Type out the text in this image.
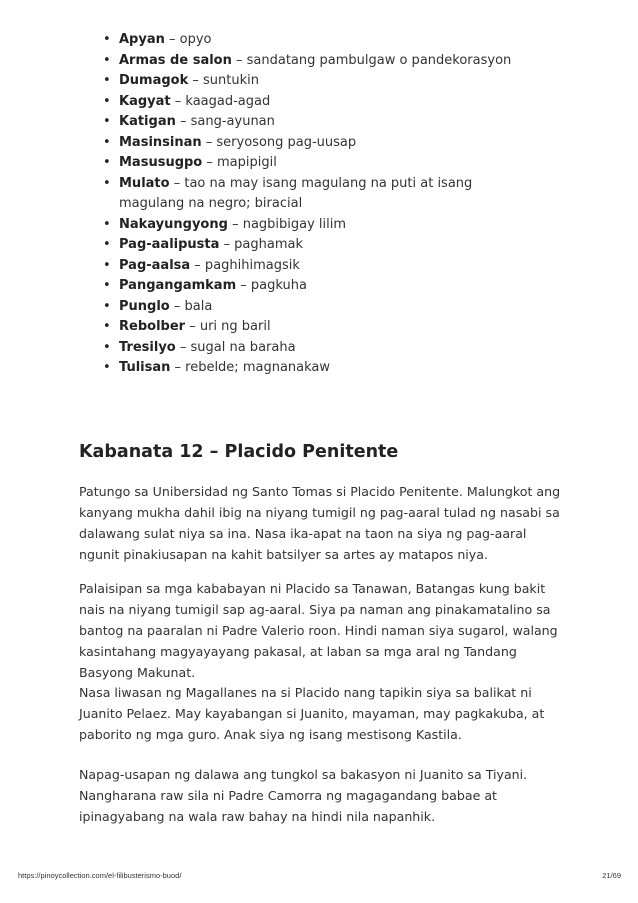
• Apyan – opyo
• Armas de salon – sandatang pambulgaw o pandekorasyon
• Dumagok – suntukin
• Kagyat – kaagad-agad
• Katigan – sang-ayunan
• Masinsinan – seryosong pag-uusap
• Masusugpo – mapipigil
• Mulato – tao na may isang magulang na puti at isang magulang na negro; biracial
• Nakayungyong – nagbibigay lilim
• Pag-aalipusta – paghamak
• Pag-aalsa – paghihimagsik
• Pangangamkam – pagkuha
• Punglo – bala
• Rebolber – uri ng baril
• Tresilyo – sugal na baraha
• Tulisan – rebelde; magnanakaw
Kabanata 12 – Placido Penitente

Patungo sa Unibersidad ng Santo Tomas si Placido Penitente. Malungkot ang kanyang mukha dahil ibig na niyang tumigil ng pag-aaral tulad ng nasabi sa dalawang sulat niya sa ina. Nasa ika-apat na taon na siya ng pag-aaral ngunit pinakiusapan na kahit batsilyer sa artes ay matapos niya.

Palaisipan sa mga kababayan ni Placido sa Tanawan, Batangas kung bakit nais na niyang tumigil sap ag-aaral. Siya pa naman ang pinakamatalino sa bantog na paaralan ni Padre Valerio roon. Hindi naman siya sugarol, walang kasintahang magyayayang pakasal, at laban sa mga aral ng Tandang Basyong Makunat.

Nasa liwasan ng Magallanes na si Placido nang tapikin siya sa balikat ni Juanito Pelaez. May kayabangan si Juanito, mayaman, may pagkakuba, at paborito ng mga guro. Anak siya ng isang mestisong Kastila.

Napag-usapan ng dalawa ang tungkol sa bakasyon ni Juanito sa Tiyani. Nangharana raw sila ni Padre Camorra ng magagandang babae at ipinagyabang na wala raw bahay na hindi nila napanhik.

https://pinoycollection.com/el-filibusterismo-buod/	21/69
